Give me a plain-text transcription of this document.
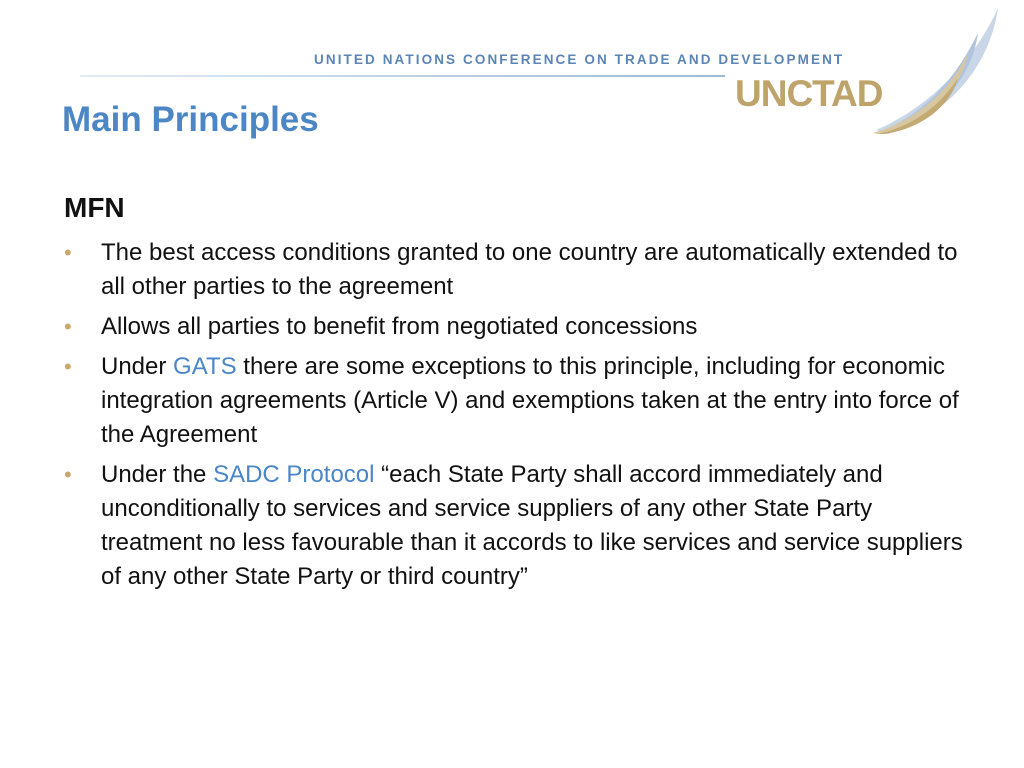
UNITED NATIONS CONFERENCE ON TRADE AND DEVELOPMENT
UNCTAD
Main Principles
MFN
• The best access conditions granted to one country are automatically extended to all other parties to the agreement
• Allows all parties to benefit from negotiated concessions
• Under GATS there are some exceptions to this principle, including for economic integration agreements (Article V) and exemptions taken at the entry into force of the Agreement
• Under the SADC Protocol “each State Party shall accord immediately and unconditionally to services and service suppliers of any other State Party treatment no less favourable than it accords to like services and service suppliers of any other State Party or third country”
